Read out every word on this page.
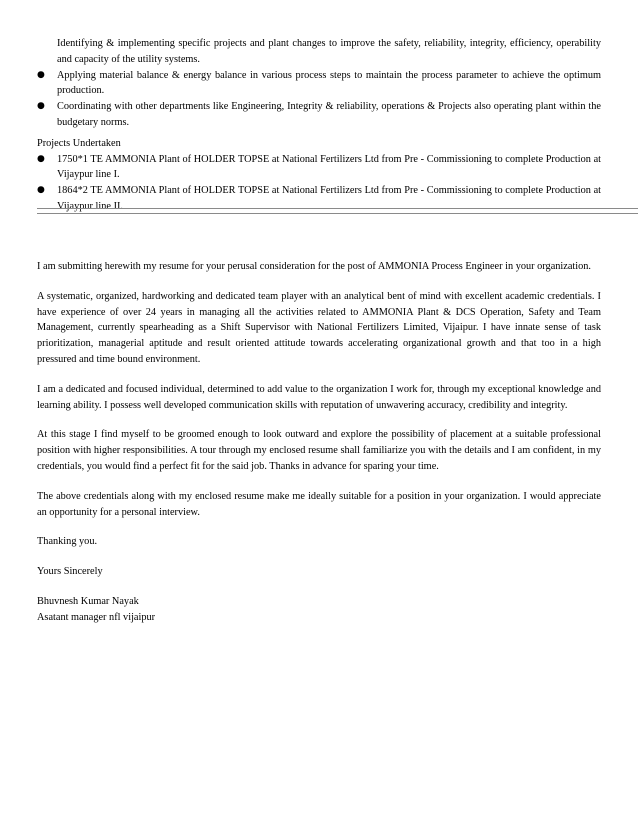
Identifying & implementing specific projects and plant changes to improve the safety, reliability, integrity, efficiency, operability and capacity of the utility systems.
●	Applying material balance & energy balance in various process steps to maintain the process parameter to achieve the optimum production.
●	Coordinating with other departments like Engineering, Integrity & reliability, operations & Projects also operating plant within the budgetary norms.
Projects Undertaken
●	1750*1 TE AMMONIA Plant of HOLDER TOPSE at National Fertilizers Ltd from Pre - Commissioning to complete Production at Vijaypur line I.
●	1864*2 TE AMMONIA Plant of HOLDER TOPSE at National Fertilizers Ltd from Pre - Commissioning to complete Production at Vijaypur line II.

I am submitting herewith my resume for your perusal consideration for the post of AMMONIA Process Engineer in your organization.

A systematic, organized, hardworking and dedicated team player with an analytical bent of mind with excellent academic credentials. I have experience of over 24 years in managing all the activities related to AMMONIA Plant & DCS Operation, Safety and Team Management, currently spearheading as a Shift Supervisor with National Fertilizers Limited, Vijaipur. I have innate sense of task prioritization, managerial aptitude and result oriented attitude towards accelerating organizational growth and that too in a high pressured and time bound environment.

I am a dedicated and focused individual, determined to add value to the organization I work for, through my exceptional knowledge and learning ability. I possess well developed communication skills with reputation of unwavering accuracy, credibility and integrity.

At this stage I find myself to be groomed enough to look outward and explore the possibility of placement at a suitable professional position with higher responsibilities. A tour through my enclosed resume shall familiarize you with the details and I am confident, in my credentials, you would find a perfect fit for the said job. Thanks in advance for sparing your time.

The above credentials along with my enclosed resume make me ideally suitable for a position in your organization. I would appreciate an opportunity for a personal interview.

Thanking you.

Yours Sincerely

Bhuvnesh Kumar Nayak

Asatant manager nfl vijaipur
